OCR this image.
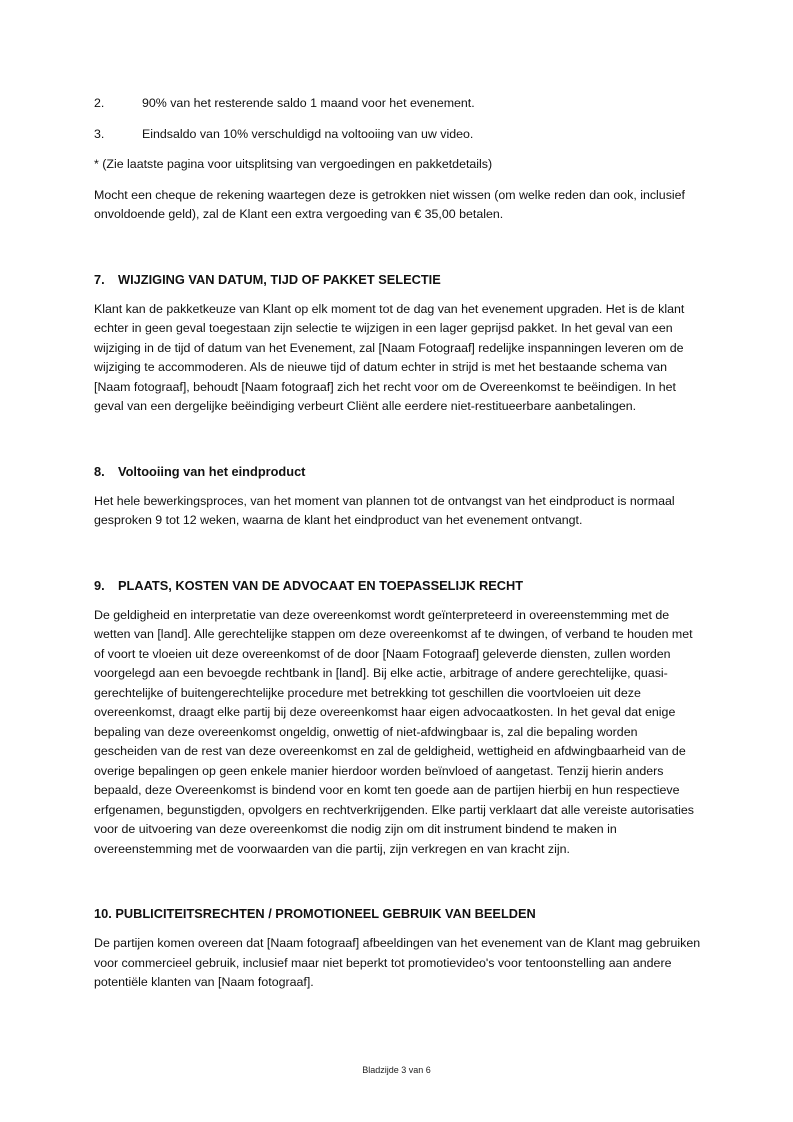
2.	90% van het resterende saldo 1 maand voor het evenement.
3.	Eindsaldo van 10% verschuldigd na voltooiing van uw video.

* (Zie laatste pagina voor uitsplitsing van vergoedingen en pakketdetails)

Mocht een cheque de rekening waartegen deze is getrokken niet wissen (om welke reden dan ook, inclusief onvoldoende geld), zal de Klant een extra vergoeding van € 35,00 betalen.

7.	WIJZIGING VAN DATUM, TIJD OF PAKKET SELECTIE

Klant kan de pakketkeuze van Klant op elk moment tot de dag van het evenement upgraden. Het is de klant echter in geen geval toegestaan zijn selectie te wijzigen in een lager geprijsd pakket. In het geval van een wijziging in de tijd of datum van het Evenement, zal [Naam Fotograaf] redelijke inspanningen leveren om de wijziging te accommoderen. Als de nieuwe tijd of datum echter in strijd is met het bestaande schema van [Naam fotograaf], behoudt [Naam fotograaf] zich het recht voor om de Overeenkomst te beëindigen. In het geval van een dergelijke beëindiging verbeurt Cliënt alle eerdere niet-restitueerbare aanbetalingen.

8.	Voltooiing van het eindproduct

Het hele bewerkingsproces, van het moment van plannen tot de ontvangst van het eindproduct is normaal gesproken 9 tot 12 weken, waarna de klant het eindproduct van het evenement ontvangt.

9.	PLAATS, KOSTEN VAN DE ADVOCAAT EN TOEPASSELIJK RECHT

De geldigheid en interpretatie van deze overeenkomst wordt geïnterpreteerd in overeenstemming met de wetten van [land]. Alle gerechtelijke stappen om deze overeenkomst af te dwingen, of verband te houden met of voort te vloeien uit deze overeenkomst of de door [Naam Fotograaf] geleverde diensten, zullen worden voorgelegd aan een bevoegde rechtbank in [land]. Bij elke actie, arbitrage of andere gerechtelijke, quasi-gerechtelijke of buitengerechtelijke procedure met betrekking tot geschillen die voortvloeien uit deze overeenkomst, draagt elke partij bij deze overeenkomst haar eigen advocaatkosten. In het geval dat enige bepaling van deze overeenkomst ongeldig, onwettig of niet-afdwingbaar is, zal die bepaling worden gescheiden van de rest van deze overeenkomst en zal de geldigheid, wettigheid en afdwingbaarheid van de overige bepalingen op geen enkele manier hierdoor worden beïnvloed of aangetast. Tenzij hierin anders bepaald, deze Overeenkomst is bindend voor en komt ten goede aan de partijen hierbij en hun respectieve erfgenamen, begunstigden, opvolgers en rechtverkrijgenden. Elke partij verklaart dat alle vereiste autorisaties voor de uitvoering van deze overeenkomst die nodig zijn om dit instrument bindend te maken in overeenstemming met de voorwaarden van die partij, zijn verkregen en van kracht zijn.

10. PUBLICITEITSRECHTEN / PROMOTIONEEL GEBRUIK VAN BEELDEN

De partijen komen overeen dat [Naam fotograaf] afbeeldingen van het evenement van de Klant mag gebruiken voor commercieel gebruik, inclusief maar niet beperkt tot promotievideo's voor tentoonstelling aan andere potentiële klanten van [Naam fotograaf].

Bladzijde 3 van 6
